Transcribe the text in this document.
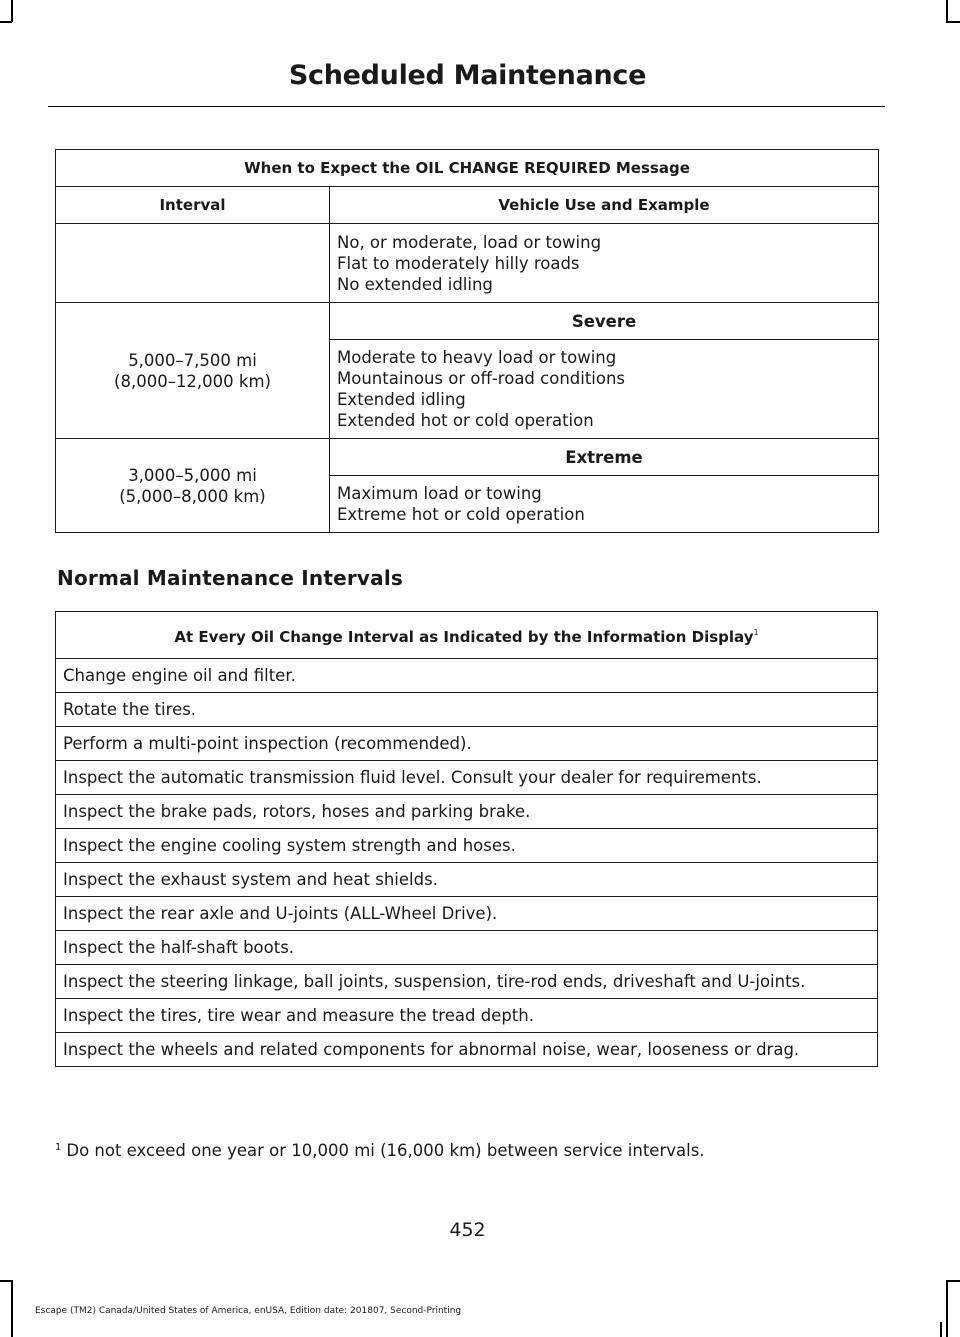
Scheduled Maintenance
When to Expect the OIL CHANGE REQUIRED Message	
Interval	Vehicle Use and Example

	No, or moderate, load or towing
Flat to moderately hilly roads
No extended idling

5,000–7,500 mi
(8,000–12,000 km)	Severe

	Moderate to heavy load or towing
Mountainous or off-road conditions
Extended idling
Extended hot or cold operation

3,000–5,000 mi
(5,000–8,000 km)	Extreme

	Maximum load or towing
Extreme hot or cold operation
Normal Maintenance Intervals
At Every Oil Change Interval as Indicated by the Information Display$^1$
Change engine oil and filter.
Rotate the tires.
Perform a multi-point inspection (recommended).
Inspect the automatic transmission fluid level. Consult your dealer for requirements.
Inspect the brake pads, rotors, hoses and parking brake.
Inspect the engine cooling system strength and hoses.
Inspect the exhaust system and heat shields.
Inspect the rear axle and U-joints (ALL-Wheel Drive).
Inspect the half-shaft boots.
Inspect the steering linkage, ball joints, suspension, tire-rod ends, driveshaft and U-joints.
Inspect the tires, tire wear and measure the tread depth.
Inspect the wheels and related components for abnormal noise, wear, looseness or drag.
$^1$ Do not exceed one year or 10,000 mi (16,000 km) between service intervals.
452
Escape (TM2) Canada/United States of America, enUSA, Edition date: 201807, Second-Printing
